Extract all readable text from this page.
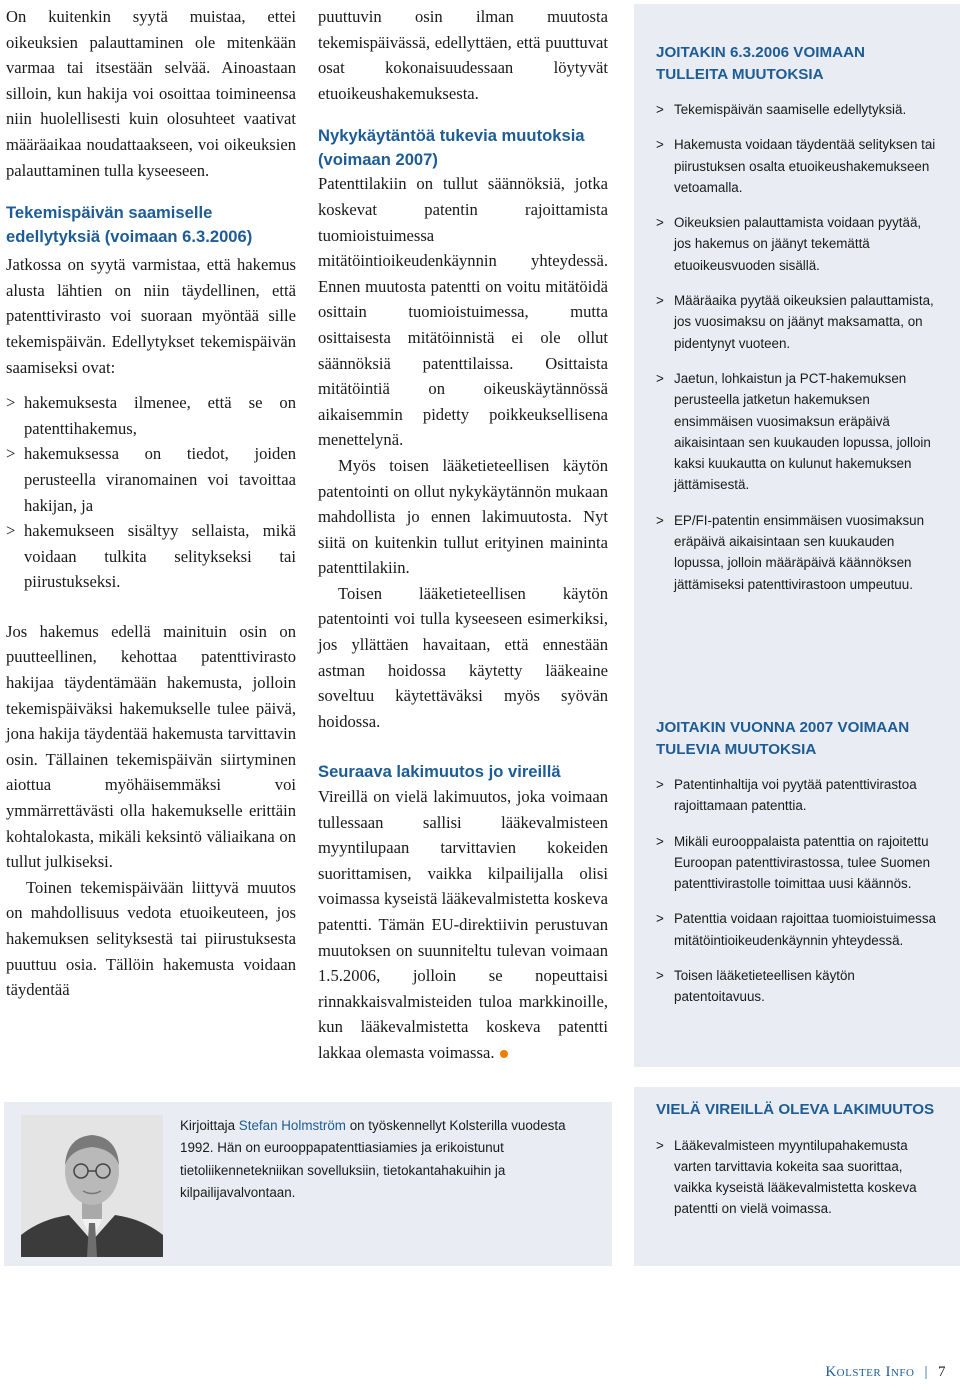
On kuitenkin syytä muistaa, ettei oikeuksien palauttaminen ole mitenkään varmaa tai itsestään selvää. Ainoastaan silloin, kun hakija voi osoittaa toimineensa niin huolellisesti kuin olosuhteet vaativat määräaikaa noudattaakseen, voi oikeuksien palauttaminen tulla kyseeseen.

Tekemispäivän saamiselle edellytyksiä (voimaan 6.3.2006)

Jatkossa on syytä varmistaa, että hakemus alusta lähtien on niin täydellinen, että patenttivirasto voi suoraan myöntää sille tekemispäivän. Edellytykset tekemispäivän saamiseksi ovat:

> hakemuksesta ilmenee, että se on patenttihakemus,
> hakemuksessa on tiedot, joiden perusteella viranomainen voi tavoittaa hakijan, ja
> hakemukseen sisältyy sellaista, mikä voidaan tulkita selitykseksi tai piirustukseksi.

Jos hakemus edellä mainituin osin on puutteellinen, kehottaa patenttivirasto hakijaa täydentämään hakemusta, jolloin tekemispäiväksi hakemukselle tulee päivä, jona hakija täydentää hakemusta tarvittavin osin. Tällainen tekemispäivän siirtyminen aiottua myöhäisemmäksi voi ymmärrettävästi olla hakemukselle erittäin kohtalokasta, mikäli keksintö väliaikana on tullut julkiseksi.

Toinen tekemispäivään liittyvä muutos on mahdollisuus vedota etuoikeuteen, jos hakemuksen selityksestä tai piirustuksesta puuttuu osia. Tällöin hakemusta voidaan täydentää

puuttuvin osin ilman muutosta tekemispäivässä, edellyttäen, että puuttuvat osat kokonaisuudessaan löytyvät etuoikeushakemuksesta.

Nykykäytäntöä tukevia muutoksia (voimaan 2007)

Patenttilakiin on tullut säännöksiä, jotka koskevat patentin rajoittamista tuomioistuimessa mitätöintioikeudenkäynnin yhteydessä. Ennen muutosta patentti on voitu mitätöidä osittain tuomioistuimessa, mutta osittaisesta mitätöinnistä ei ole ollut säännöksiä patenttilaissa. Osittaista mitätöintiä on oikeuskäytännössä aikaisemmin pidetty poikkeuksellisena menettelynä.

Myös toisen lääketieteellisen käytön patentointi on ollut nykykäytännön mukaan mahdollista jo ennen lakimuutosta. Nyt siitä on kuitenkin tullut erityinen maininta patenttilakiin.

Toisen lääketieteellisen käytön patentointi voi tulla kyseeseen esimerkiksi, jos yllättäen havaitaan, että ennestään astman hoidossa käytetty lääkeaine soveltuu käytettäväksi myös syövän hoidossa.

Seuraava lakimuutos jo vireillä

Vireillä on vielä lakimuutos, joka voimaan tullessaan sallisi lääkevalmisteen myyntilupaan tarvittavien kokeiden suorittamisen, vaikka kilpailijalla olisi voimassa kyseistä lääkevalmistetta koskeva patentti. Tämän EU-direktiivin perustuvan muutoksen on suunniteltu tulevan voimaan 1.5.2006, jolloin se nopeuttaisi rinnakkaisvalmisteiden tuloa markkinoille, kun lääkevalmistetta koskeva patentti lakkaa olemasta voimassa.

JOITAKIN 6.3.2006 VOIMAAN TULLEITA MUUTOKSIA
> Tekemispäivän saamiselle edellytyksiä.
> Hakemusta voidaan täydentää selityksen tai piirustuksen osalta etuoikeushakemukseen vetoamalla.
> Oikeuksien palauttamista voidaan pyytää, jos hakemus on jäänyt tekemättä etuoikeusvuoden sisällä.
> Määräaika pyytää oikeuksien palauttamista, jos vuosimaksu on jäänyt maksamatta, on pidentynyt vuoteen.
> Jaetun, lohkaistun ja PCT-hakemuksen perusteella jatketun hakemuksen ensimmäisen vuosimaksun eräpäivä aikaisintaan sen kuukauden lopussa, jolloin kaksi kuukautta on kulunut hakemuksen jättämisestä.
> EP/FI-patentin ensimmäisen vuosimaksun eräpäivä aikaisintaan sen kuukauden lopussa, jolloin määräpäivä käännöksen jättämiseksi patenttivirastoon umpeutuu.
JOITAKIN VUONNA 2007 VOIMAAN TULEVIA MUUTOKSIA
> Patentinhaltija voi pyytää patenttivirastoa rajoittamaan patenttia.
> Mikäli eurooppalaista patenttia on rajoitettu Euroopan patenttivirastossa, tulee Suomen patenttivirastolle toimittaa uusi käännös.
> Patenttia voidaan rajoittaa tuomioistuimessa mitätöintioikeudenkäynnin yhteydessä.
> Toisen lääketieteellisen käytön patentoitavuus.
VIELÄ VIREILLÄ OLEVA LAKIMUUTOS
> Lääkevalmisteen myyntilupahakemusta varten tarvittavia kokeita saa suorittaa, vaikka kyseistä lääkevalmistetta koskeva patentti on vielä voimassa.
Kirjoittaja Stefan Holmström on työskennellyt Kolsterilla vuodesta 1992. Hän on eurooppapatenttiasiamies ja erikoistunut tietoliikennetekniikan sovelluksiin, tietokantahakuihin ja kilpailijavalvontaan.
Kolster Info | 7
